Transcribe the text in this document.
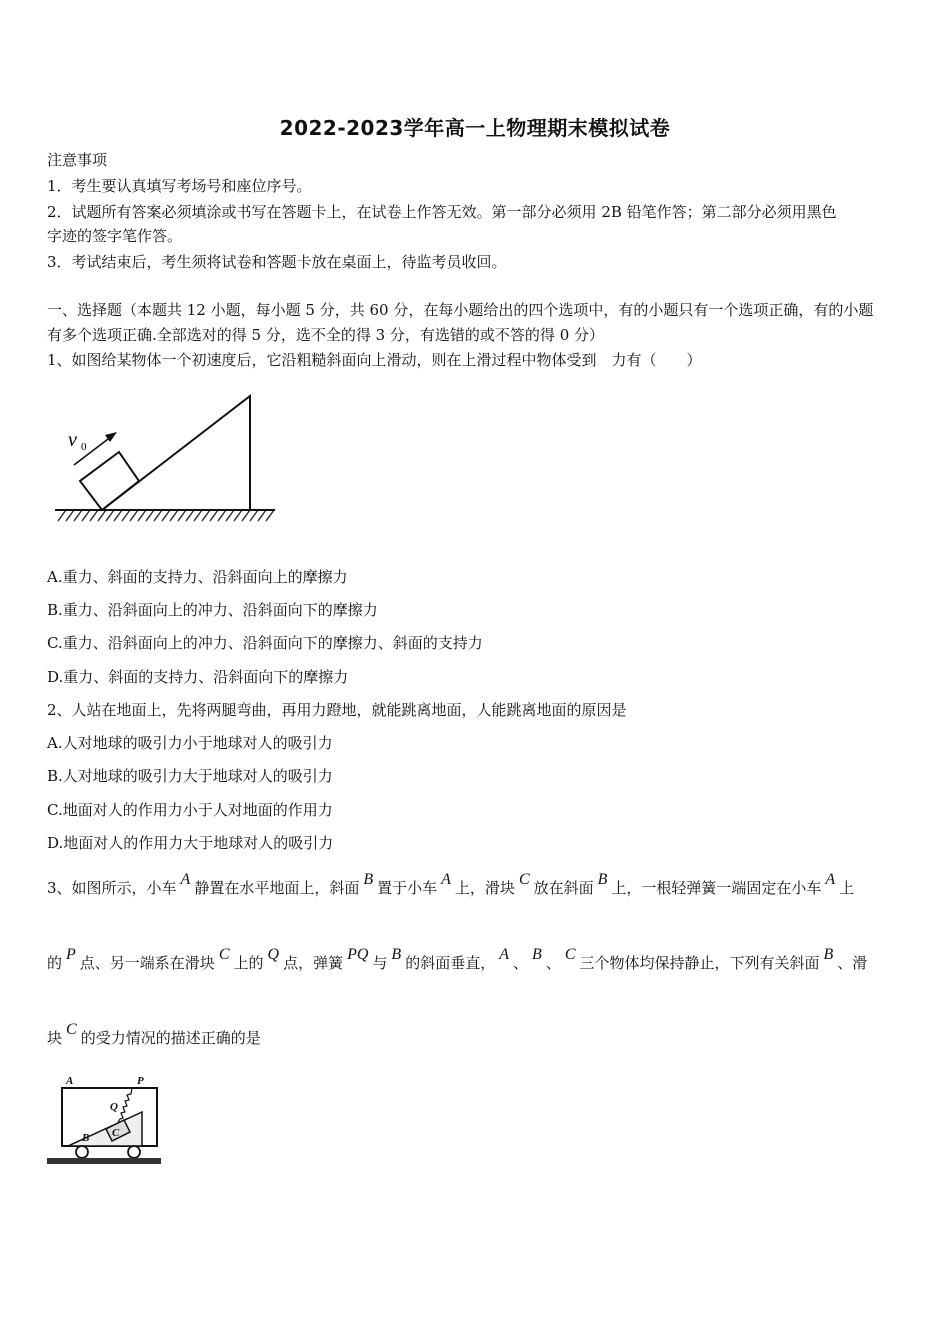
2022-2023学年高一上物理期末模拟试卷
注意事项
1．考生要认真填写考场号和座位序号。
2．试题所有答案必须填涂或书写在答题卡上，在试卷上作答无效。第一部分必须用 2B 铅笔作答；第二部分必须用黑色
字迹的签字笔作答。
3．考试结束后，考生须将试卷和答题卡放在桌面上，待监考员收回。
一、选择题（本题共 12 小题，每小题 5 分，共 60 分，在每小题给出的四个选项中，有的小题只有一个选项正确，有的小题
有多个选项正确.全部选对的得 5 分，选不全的得 3 分，有选错的或不答的得 0 分）
1、如图给某物体一个初速度后，它沿粗糙斜面向上滑动，则在上滑过程中物体受到　力有（　　）
v 0
A.重力、斜面的支持力、沿斜面向上的摩擦力
B.重力、沿斜面向上的冲力、沿斜面向下的摩擦力
C.重力、沿斜面向上的冲力、沿斜面向下的摩擦力、斜面的支持力
D.重力、斜面的支持力、沿斜面向下的摩擦力
2、人站在地面上，先将两腿弯曲，再用力蹬地，就能跳离地面，人能跳离地面的原因是
A.人对地球的吸引力小于地球对人的吸引力
B.人对地球的吸引力大于地球对人的吸引力
C.地面对人的作用力小于人对地面的作用力
D.地面对人的作用力大于地球对人的吸引力
3、如图所示，小车 A 静置在水平地面上，斜面 B 置于小车 A 上，滑块 C 放在斜面 B 上，一根轻弹簧一端固定在小车 A 上
的 P 点、另一端系在滑块 C 上的 Q 点，弹簧 PQ 与 B 的斜面垂直， A 、 B 、 C 三个物体均保持静止，下列有关斜面 B 、滑
块 C 的受力情况的描述正确的是
A	P
Q
C
B
